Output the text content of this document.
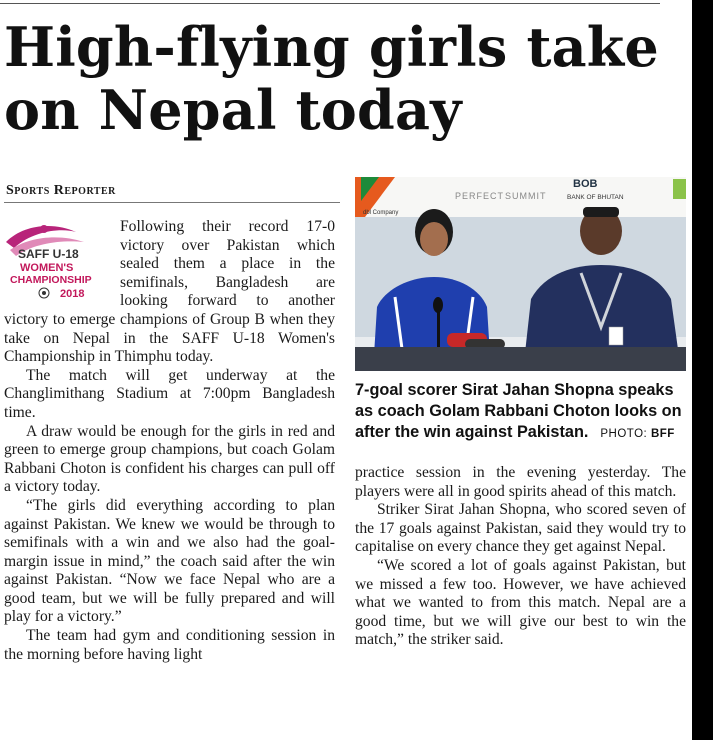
High-flying girls take on Nepal today
Sports Reporter
SAFF U-18
WOMEN'S
CHAMPIONSHIP
2018

Following their record 17-0 victory over Pakistan which sealed them a place in the semifinals, Bangladesh are looking forward to another victory to emerge champions of Group B when they take on Nepal in the SAFF U-18 Women's Championship in Thimphu today.

The match will get underway at the Changlimithang Stadium at 7:00pm Bangladesh time.

A draw would be enough for the girls in red and green to emerge group champions, but coach Golam Rabbani Choton is confident his charges can pull off a victory today.

“The girls did everything according to plan against Pakistan. We knew we would be through to semifinals with a win and we also had the goal-margin issue in mind,” the coach said after the win against Pakistan. “Now we face Nepal who are a good team, but we will be fully prepared and will play for a victory.”

The team had gym and conditioning session in the morning before having light

dbl Company
PERFECT SUMMIT
BOB
BANK OF BHUTAN

7-goal scorer Sirat Jahan Shopna speaks as coach Golam Rabbani Choton looks on after the win against Pakistan. PHOTO: BFF

practice session in the evening yesterday. The players were all in good spirits ahead of this match.

Striker Sirat Jahan Shopna, who scored seven of the 17 goals against Pakistan, said they would try to capitalise on every chance they get against Nepal.

“We scored a lot of goals against Pakistan, but we missed a few too. However, we have achieved what we wanted to from this match. Nepal are a good time, but we will give our best to win the match,” the striker said.
